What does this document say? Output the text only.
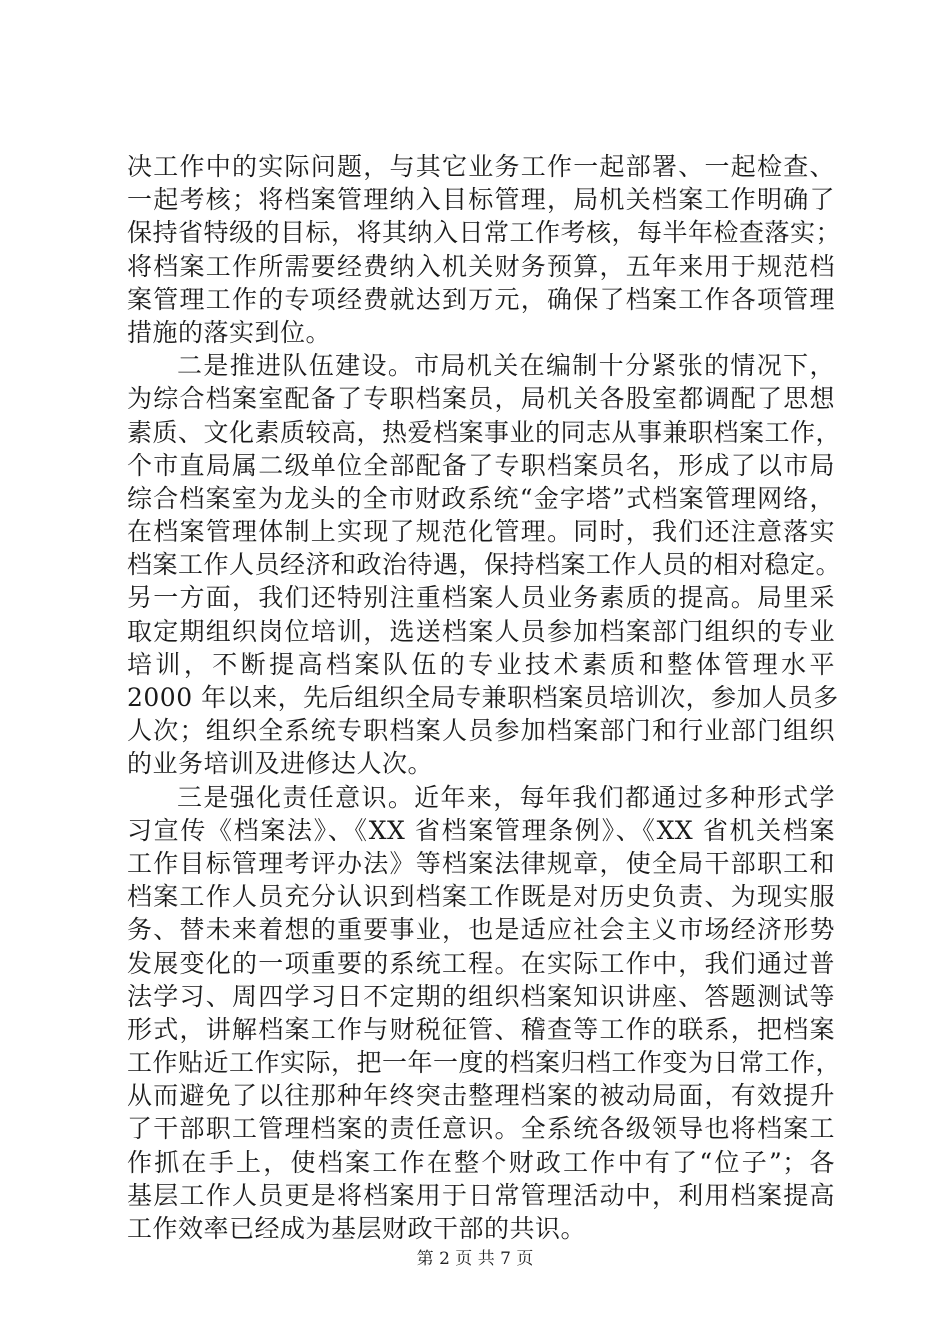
决工作中的实际问题，与其它业务工作一起部署、一起检查、
一起考核；将档案管理纳入目标管理，局机关档案工作明确了
保持省特级的目标，将其纳入日常工作考核，每半年检查落实；
将档案工作所需要经费纳入机关财务预算，五年来用于规范档
案管理工作的专项经费就达到万元，确保了档案工作各项管理
措施的落实到位。
二是推进队伍建设。市局机关在编制十分紧张的情况下，
为综合档案室配备了专职档案员，局机关各股室都调配了思想
素质、文化素质较高，热爱档案事业的同志从事兼职档案工作，
个市直局属二级单位全部配备了专职档案员名，形成了以市局
综合档案室为龙头的全市财政系统“金字塔”式档案管理网络，
在档案管理体制上实现了规范化管理。同时，我们还注意落实
档案工作人员经济和政治待遇，保持档案工作人员的相对稳定。
另一方面，我们还特别注重档案人员业务素质的提高。局里采
取定期组织岗位培训，选送档案人员参加档案部门组织的专业
培训，不断提高档案队伍的专业技术素质和整体管理水平
2000 年以来，先后组织全局专兼职档案员培训次，参加人员多
人次；组织全系统专职档案人员参加档案部门和行业部门组织
的业务培训及进修达人次。
三是强化责任意识。近年来，每年我们都通过多种形式学
习宣传《档案法》、《XX 省档案管理条例》、《XX 省机关档案
工作目标管理考评办法》等档案法律规章，使全局干部职工和
档案工作人员充分认识到档案工作既是对历史负责、为现实服
务、替未来着想的重要事业，也是适应社会主义市场经济形势
发展变化的一项重要的系统工程。在实际工作中，我们通过普
法学习、周四学习日不定期的组织档案知识讲座、答题测试等
形式，讲解档案工作与财税征管、稽查等工作的联系，把档案
工作贴近工作实际，把一年一度的档案归档工作变为日常工作，
从而避免了以往那种年终突击整理档案的被动局面，有效提升
了干部职工管理档案的责任意识。全系统各级领导也将档案工
作抓在手上，使档案工作在整个财政工作中有了“位子”；各
基层工作人员更是将档案用于日常管理活动中，利用档案提高
工作效率已经成为基层财政干部的共识。
第 2 页 共 7 页
